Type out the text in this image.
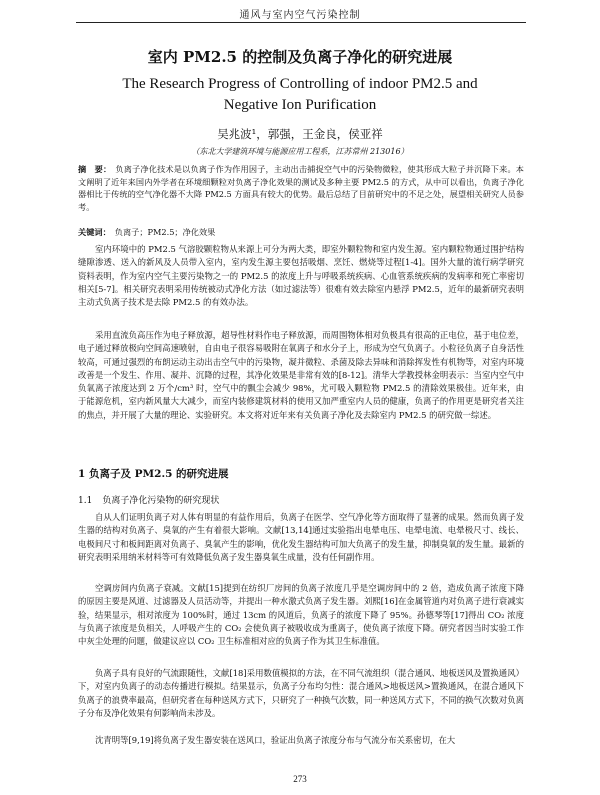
通风与室内空气污染控制
室内 PM2.5 的控制及负离子净化的研究进展
The Research Progress of Controlling of indoor PM2.5 and Negative Ion Purification
吴兆波¹，郭强，王金良，侯亚祥
（东北大学建筑环境与能源应用工程系，江苏常州 213016）
摘　要： 负离子净化技术是以负离子作为作用因子，主动出击捕捉空气中的污染物微粒，使其形成大粒子并沉降下来。本文阐明了近年来国内外学者在环境细颗粒对负离子净化效果的测试及多种主要 PM2.5 的方式，从中可以看出，负离子净化器相比于传统的空气净化器不大降 PM2.5 方面具有较大的优势。最后总结了目前研究中的不足之处，展望相关研究人员参考。
关键词： 负离子；PM2.5；净化效果

室内环境中的 PM2.5 气溶胶颗粒物从来源上可分为两大类，即室外颗粒物和室内发生源。室内颗粒物通过围护结构缝隙渗透、送入的新风及人员带入室内，室内发生源主要包括吸烟、烹饪、燃烧等过程[1-4]。国外大量的流行病学研究资料表明，作为室内空气主要污染物之一的 PM2.5 的浓度上升与呼吸系统疾病、心血管系统疾病的发病率和死亡率密切相关[5-7]。相关研究表明采用传统被动式净化方法（如过滤法等）很难有效去除室内悬浮 PM2.5，近年的最新研究表明主动式负离子技术是去除 PM2.5 的有效办法。

采用直流负高压作为电子释放源，超导性材料作电子释放源，而周围物体相对负极具有很高的正电位，基于电位差，电子通过释放极向空间高速喷射，自由电子很容易吸附在氧离子和水分子上，形成为空气负离子。小粒径负离子自身活性较高，可通过强烈的布朗运动主动出击空气中的污染物，凝并微粒、杀菌及除去异味和消除挥发性有机物等，对室内环境改善是一个发生、作用、凝并、沉降的过程，其净化效果是非常有效的[8-12]。清华大学教授林金明表示：当室内空气中负氧离子浓度达到 2 万个/cm³ 时，空气中的飘尘会减少 98%，尤可吸入颗粒物 PM2.5 的清除效果极佳。近年来，由于能源危机，室内新风量大大减少，而室内装修建筑材料的使用又加严重室内人员的健康，负离子的作用更是研究者关注的焦点，并开展了大量的理论、实验研究。本文将对近年来有关负离子净化及去除室内 PM2.5 的研究做一综述。

1 负离子及 PM2.5 的研究进展
1.1 负离子净化污染物的研究现状

自从人们证明负离子对人体有明显的有益作用后，负离子在医学、空气净化等方面取得了显著的成果。然而负离子发生器的结构对负离子、臭氧的产生有着很大影响。文献[13,14]通过实验指出电晕电压、电晕电流、电晕极尺寸、线长、电极间尺寸和板间距离对负离子、臭氧产生的影响，优化发生器结构可加大负离子的发生量，抑制臭氧的发生量。最新的研究表明采用纳米材料等可有效降低负离子发生器臭氧生成量，没有任何副作用。

空调房间内负离子衰减。文献[15]提到在纺织厂房间的负离子浓度几乎是空调房间中的 2 倍，造成负离子浓度下降的原因主要是风道、过滤器及人员活动等，并提出一种水激式负离子发生器。刘熙[16]在金属管道内对负离子进行衰减实验，结果显示，相对浓度为 100%时，通过 13cm 的风道后，负离子的浓度下降了 95%。孙德琴等[17]得出 CO₂ 浓度与负离子浓度是负相关，人呼吸产生的 CO₂ 会使负离子被吸收成为重离子，使负离子浓度下降。研究者因当时实验工作中灰尘处理的问题，做建议应以 CO₂ 卫生标准相对应的负离子作为其卫生标准值。

负离子具有良好的气流跟随性，文献[18]采用数值模拟的方法，在不同气流组织（混合通风、地板送风及置换通风）下，对室内负离子的动态传播进行模拟。结果显示，负离子分布均匀性：混合通风>地板送风>置换通风，在混合通风下负离子的浪费率最高，但研究者在每种送风方式下，只研究了一种换气次数，同一种送风方式下，不同的换气次数对负离子分布及净化效果有何影响尚未涉及。

沈青明等[9,19]将负离子发生器安装在送风口，验证出负离子浓度分布与气流分布关系密切，在大

273
